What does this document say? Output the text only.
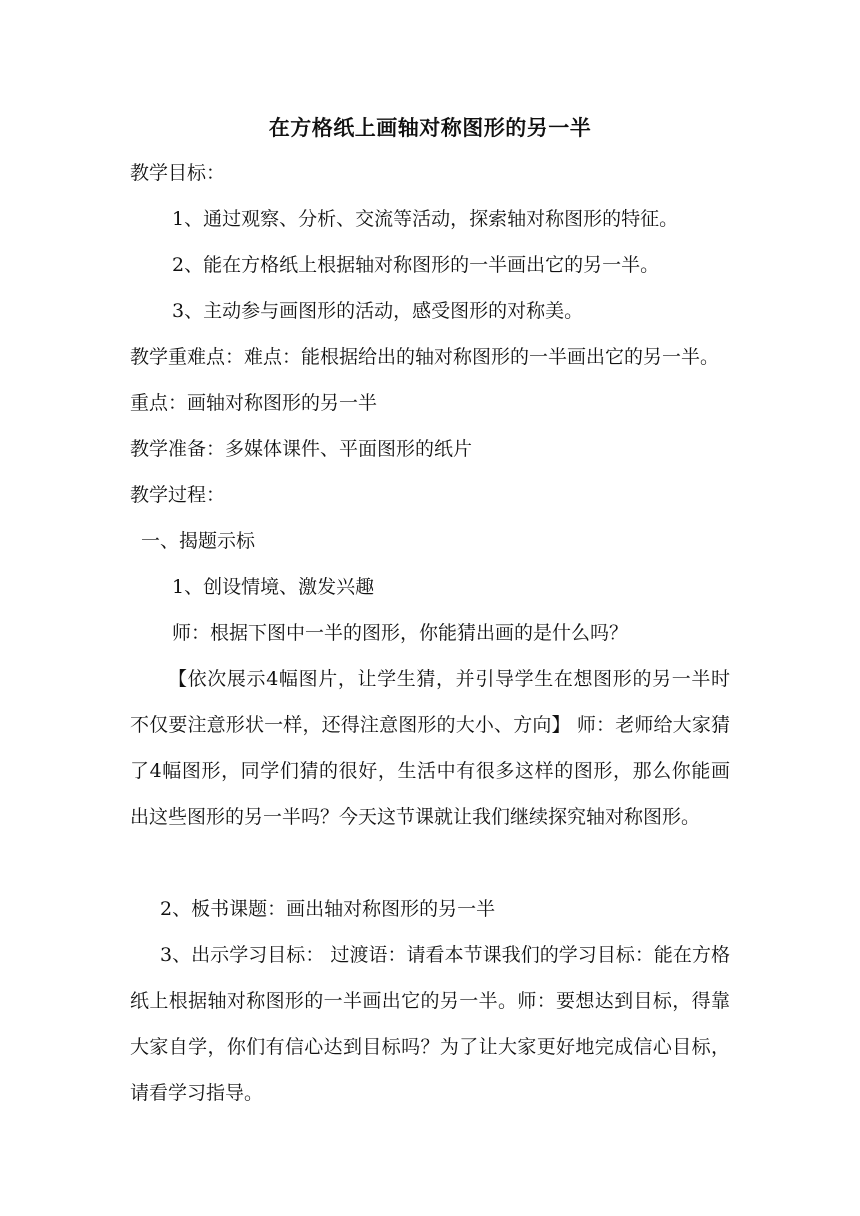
在方格纸上画轴对称图形的另一半
教学目标：
1、通过观察、分析、交流等活动，探索轴对称图形的特征。
2、能在方格纸上根据轴对称图形的一半画出它的另一半。
3、主动参与画图形的活动，感受图形的对称美。
教学重难点：难点：能根据给出的轴对称图形的一半画出它的另一半。
重点：画轴对称图形的另一半
教学准备：多媒体课件、平面图形的纸片
教学过程：
一、揭题示标
1、创设情境、激发兴趣
师：根据下图中一半的图形，你能猜出画的是什么吗？
【依次展示4幅图片，让学生猜，并引导学生在想图形的另一半时不仅要注意形状一样，还得注意图形的大小、方向】 师：老师给大家猜了4幅图形，同学们猜的很好，生活中有很多这样的图形，那么你能画出这些图形的另一半吗？今天这节课就让我们继续探究轴对称图形。
2、板书课题：画出轴对称图形的另一半
3、出示学习目标： 过渡语：请看本节课我们的学习目标：能在方格纸上根据轴对称图形的一半画出它的另一半。师：要想达到目标，得靠大家自学，你们有信心达到目标吗？为了让大家更好地完成信心目标，请看学习指导。
